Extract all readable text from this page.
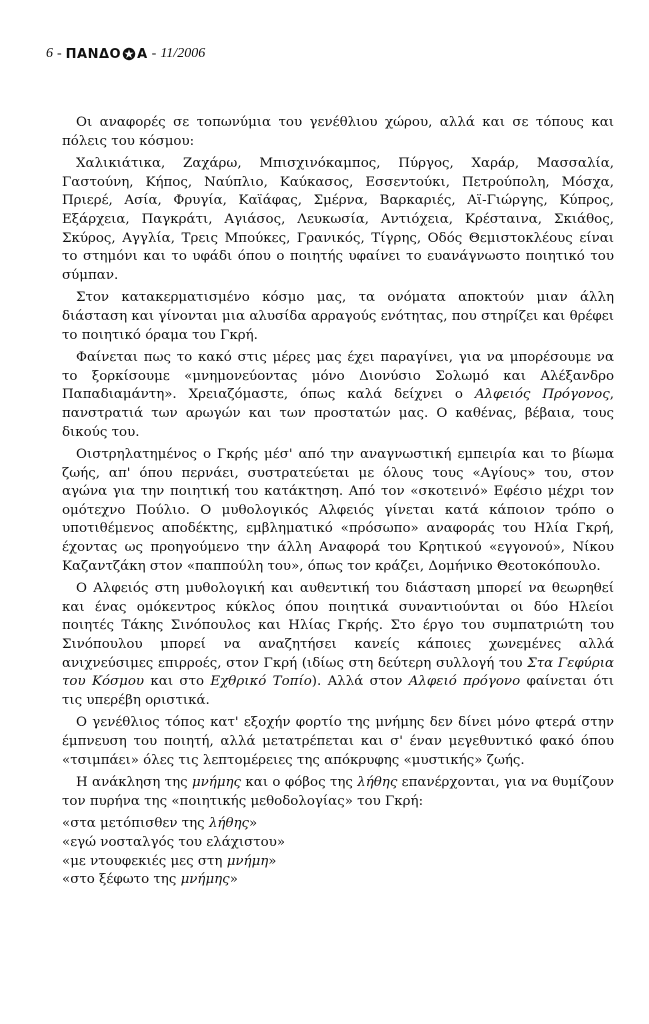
6 - ΠΑΝΔΟ Α - 11/2006

Οι αναφορές σε τοπωνύμια του γενέθλιου χώρου, αλλά και σε τόπους και πόλεις του κόσμου:

Χαλικιάτικα, Ζαχάρω, Μπισχινόκαμπος, Πύργος, Χαράρ, Μασσαλία, Γαστούνη, Κήπος, Ναύπλιο, Καύκασος, Εσσεντούκι, Πετρούπολη, Μόσχα, Πριερέ, Ασία, Φρυγία, Καϊάφας, Σμέρνα, Βαρκαριές, Αϊ-Γιώργης, Κύπρος, Εξάρχεια, Παγκράτι, Αγιάσος, Λευκωσία, Αντιόχεια, Κρέσταινα, Σκιάθος, Σκύρος, Αγγλία, Τρεις Μπούκες, Γρανικός, Τίγρης, Οδός Θεμιστοκλέους είναι το στημόνι και το υφάδι όπου ο ποιητής υφαίνει το ευανάγνωστο ποιητικό του σύμπαν.

Στον κατακερματισμένο κόσμο μας, τα ονόματα αποκτούν μιαν άλλη διάσταση και γίνονται μια αλυσίδα αρραγούς ενότητας, που στηρίζει και θρέφει το ποιητικό όραμα του Γκρή.

Φαίνεται πως το κακό στις μέρες μας έχει παραγίνει, για να μπορέσουμε να το ξορκίσουμε «μνημονεύοντας μόνο Διονύσιο Σολωμό και Αλέξανδρο Παπαδιαμάντη». Χρειαζόμαστε, όπως καλά δείχνει ο Αλφειός Πρόγονος, πανστρατιά των αρωγών και των προστατών μας. Ο καθένας, βέβαια, τους δικούς του.

Οιστρηλατημένος ο Γκρής μέσ' από την αναγνωστική εμπειρία και το βίωμα ζωής, απ' όπου περνάει, συστρατεύεται με όλους τους «Αγίους» του, στον αγώνα για την ποιητική του κατάκτηση. Από τον «σκοτεινό» Εφέσιο μέχρι τον ομότεχνο Πούλιο. Ο μυθολογικός Αλφειός γίνεται κατά κάποιον τρόπο ο υποτιθέμενος αποδέκτης, εμβληματικό «πρόσωπο» αναφοράς του Ηλία Γκρή, έχοντας ως προηγούμενο την άλλη Αναφορά του Κρητικού «εγγονού», Νίκου Καζαντζάκη στον «παππούλη του», όπως τον κράζει, Δομήνικο Θεοτοκόπουλο.

Ο Αλφειός στη μυθολογική και αυθεντική του διάσταση μπορεί να θεωρηθεί και ένας ομόκεντρος κύκλος όπου ποιητικά συναντιούνται οι δύο Ηλείοι ποιητές Τάκης Σινόπουλος και Ηλίας Γκρής. Στο έργο του συμπατριώτη του Σινόπουλου μπορεί να αναζητήσει κανείς κάποιες χωνεμένες αλλά ανιχνεύσιμες επιρροές, στον Γκρή (ιδίως στη δεύτερη συλλογή του Στα Γεφύρια του Κόσμου και στο Εχθρικό Τοπίο). Αλλά στον Αλφειό πρόγονο φαίνεται ότι τις υπερέβη οριστικά.

Ο γενέθλιος τόπος κατ' εξοχήν φορτίο της μνήμης δεν δίνει μόνο φτερά στην έμπνευση του ποιητή, αλλά μετατρέπεται και σ' έναν μεγεθυντικό φακό όπου «τσιμπάει» όλες τις λεπτομέρειες της απόκρυφης «μυστικής» ζωής.

Η ανάκληση της μνήμης και ο φόβος της λήθης επανέρχονται, για να θυμίζουν τον πυρήνα της «ποιητικής μεθοδολογίας» του Γκρή:

«στα μετόπισθεν της λήθης»
«εγώ νοσταλγός του ελάχιστου»
«με ντουφεκιές μες στη μνήμη»
«στο ξέφωτο της μνήμης»
